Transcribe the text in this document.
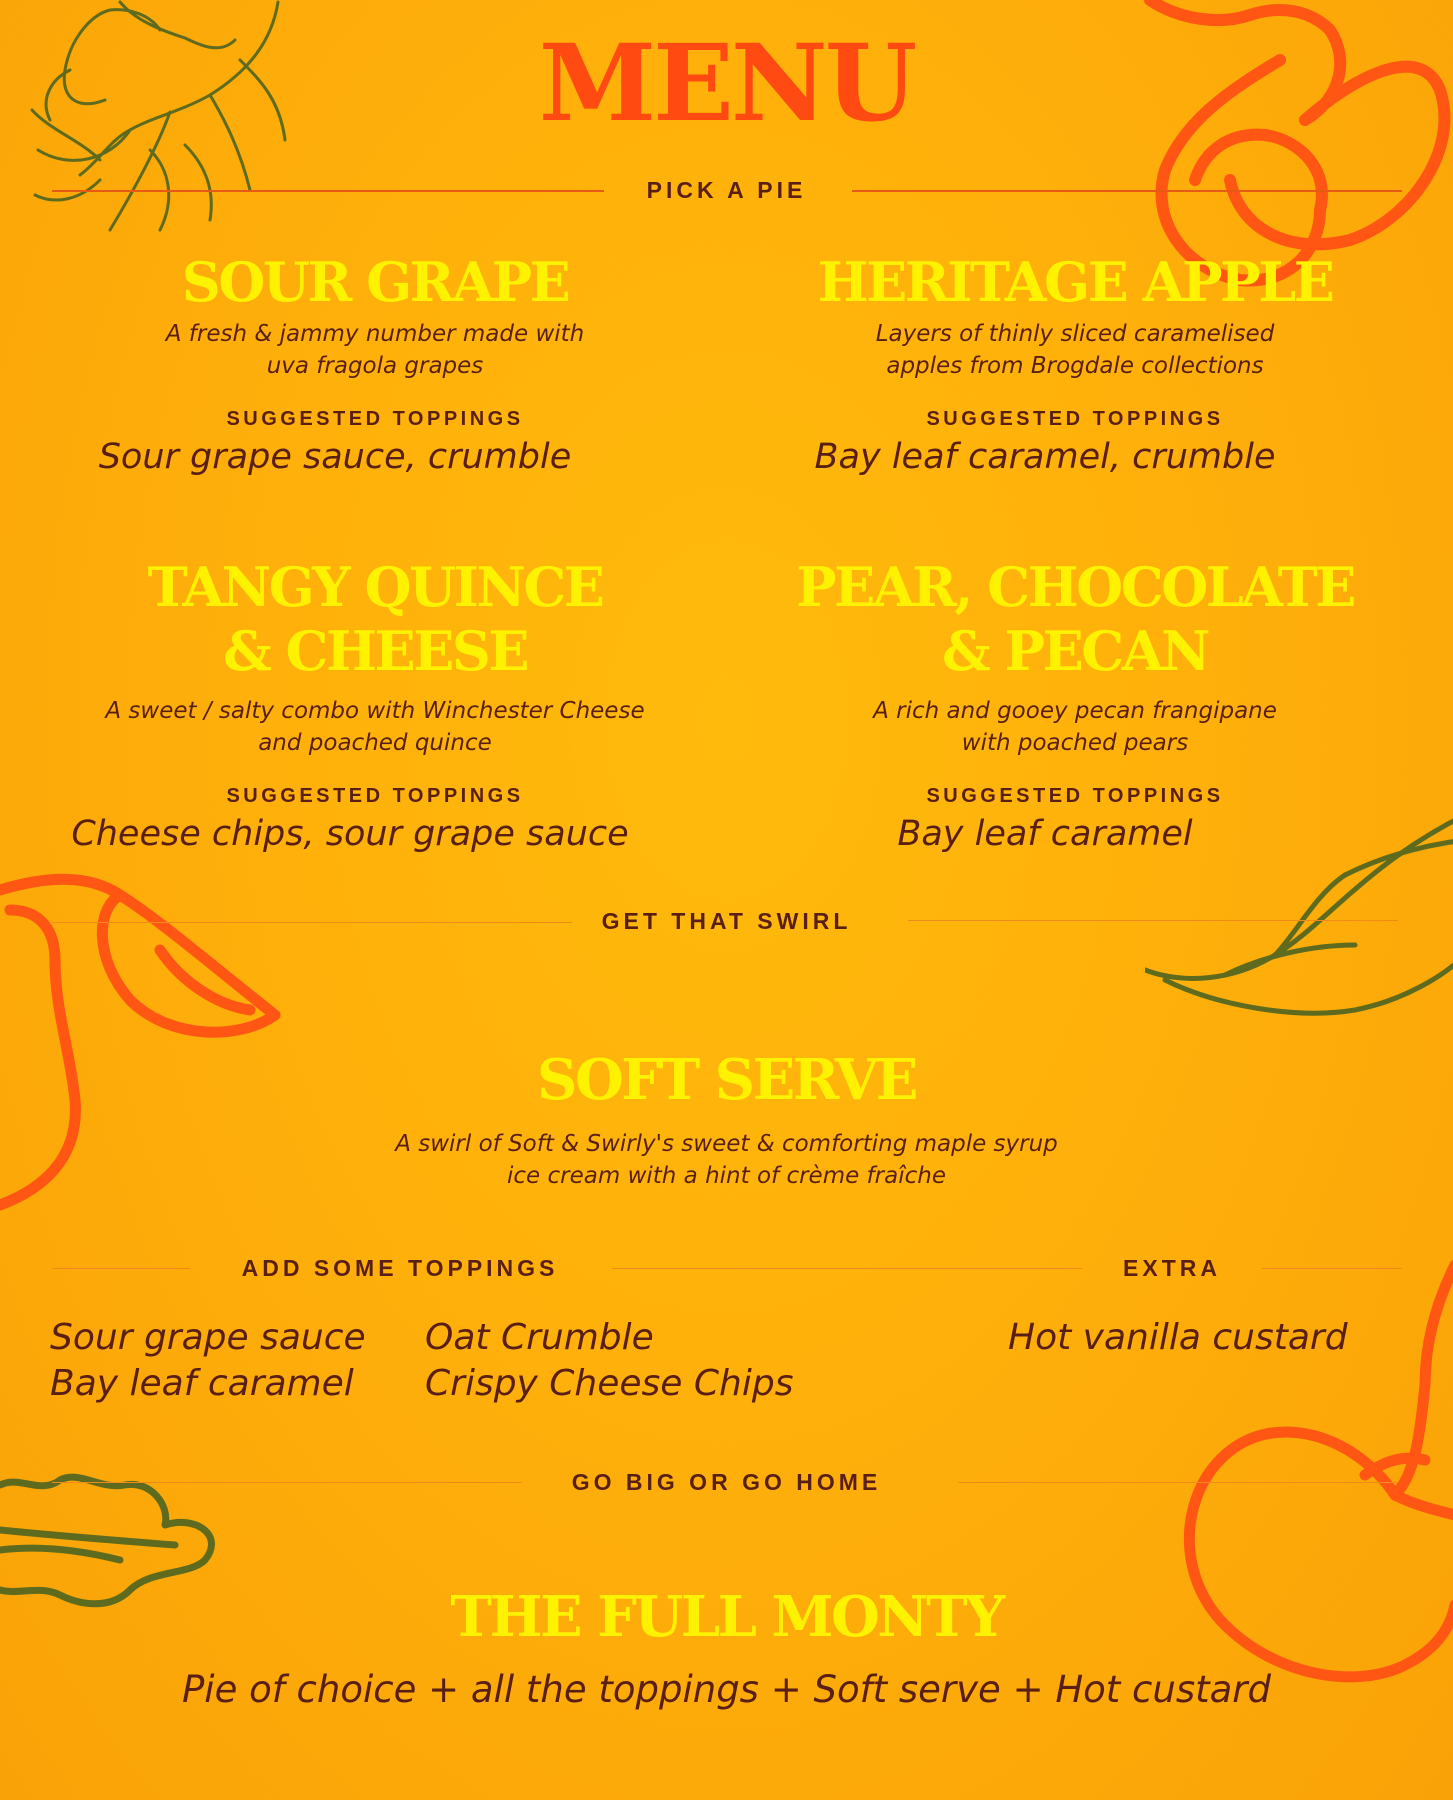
MENU
PICK A PIE
SOUR GRAPE
A fresh & jammy number made with
uva fragola grapes
SUGGESTED TOPPINGS
Sour grape sauce, crumble
HERITAGE APPLE
Layers of thinly sliced caramelised
apples from Brogdale collections
SUGGESTED TOPPINGS
Bay leaf caramel, crumble
TANGY QUINCE
& CHEESE
A sweet / salty combo with Winchester Cheese
and poached quince
SUGGESTED TOPPINGS
Cheese chips, sour grape sauce
PEAR, CHOCOLATE
& PECAN
A rich and gooey pecan frangipane
with poached pears
SUGGESTED TOPPINGS
Bay leaf caramel
GET THAT SWIRL
SOFT SERVE
A swirl of Soft & Swirly's sweet & comforting maple syrup
ice cream with a hint of crème fraîche
ADD SOME TOPPINGS	EXTRA
Sour grape sauce
Bay leaf caramel
Oat Crumble
Crispy Cheese Chips
Hot vanilla custard
GO BIG OR GO HOME
THE FULL MONTY
Pie of choice + all the toppings + Soft serve + Hot custard
